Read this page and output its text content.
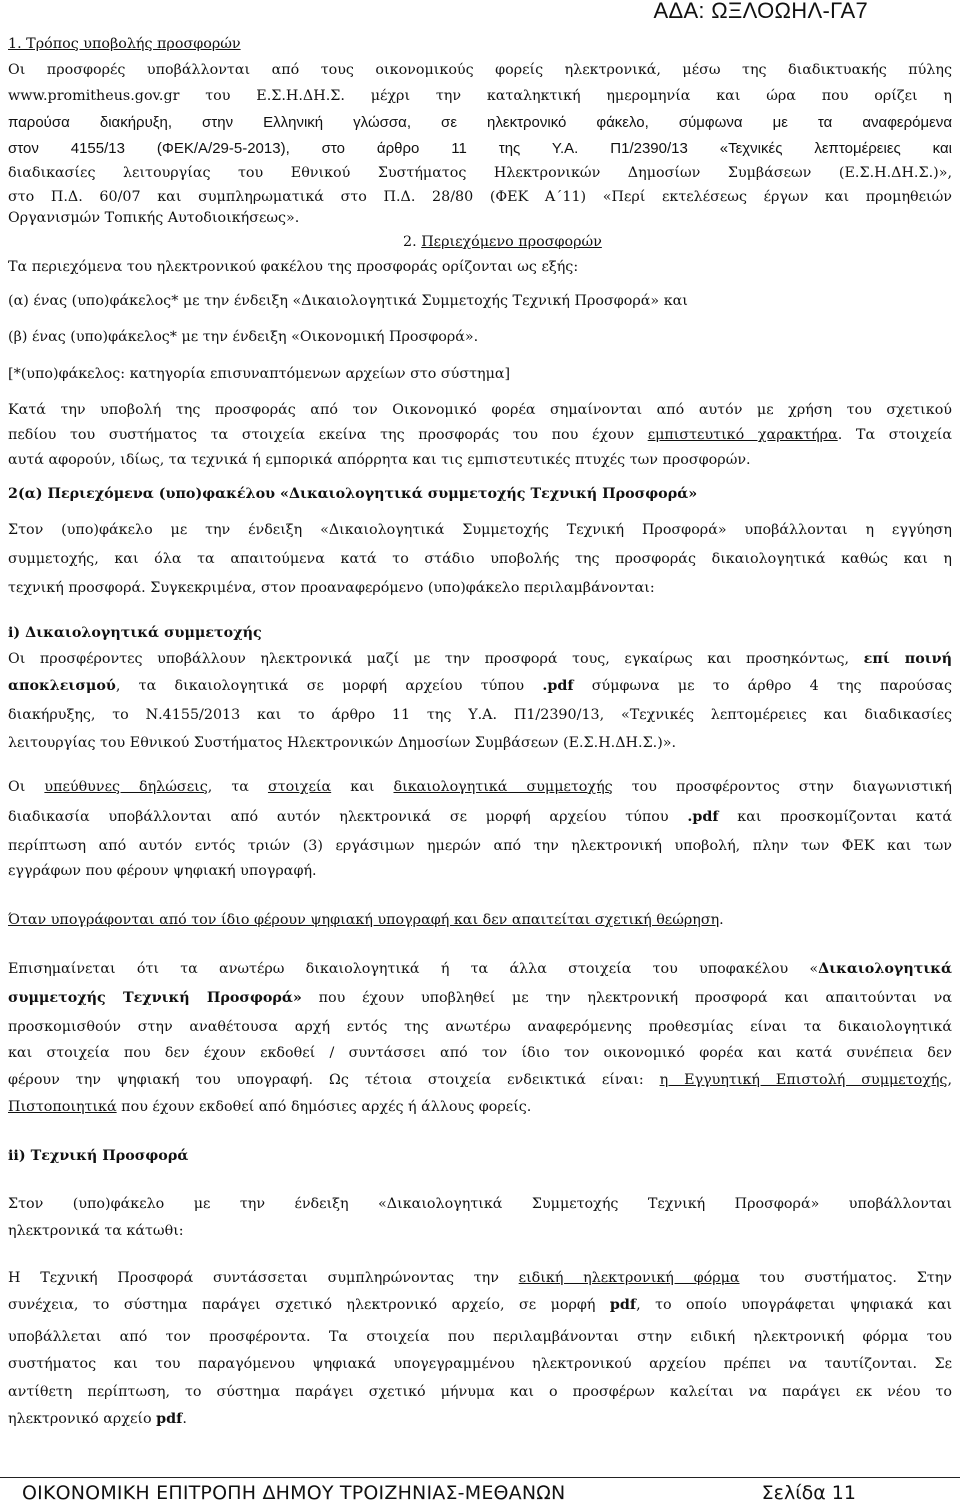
ΑΔΑ: ΩΞΛΟΩΗΛ-ΓΑ7
1. Τρόπος υποβολής προσφορών
Οι προσφορές υποβάλλονται από τους οικονομικούς φορείς ηλεκτρονικά, μέσω της διαδικτυακής πύλης
www.promitheus.gov.gr του Ε.Σ.Η.ΔΗ.Σ. μέχρι την καταληκτική ημερομηνία και ώρα που ορίζει η
παρούσα διακήρυξη, στην Ελληνική γλώσσα, σε ηλεκτρονικό φάκελο, σύμφωνα με τα αναφερόμενα
στον 4155/13 (ΦΕΚ/Α/29-5-2013), στο άρθρο 11 της Υ.Α. Π1/2390/13 «Τεχνικές λεπτομέρειες και
διαδικασίες λειτουργίας του Εθνικού Συστήματος Ηλεκτρονικών Δημοσίων Συμβάσεων (Ε.Σ.Η.ΔΗ.Σ.)»,
στο Π.Δ. 60/07 και συμπληρωματικά στο Π.Δ. 28/80 (ΦΕΚ Α΄11) «Περί εκτελέσεως έργων και προμηθειών
Οργανισμών Τοπικής Αυτοδιοικήσεως».
2. Περιεχόμενο προσφορών
Τα περιεχόμενα του ηλεκτρονικού φακέλου της προσφοράς ορίζονται ως εξής:
(α) ένας (υπο)φάκελος* με την ένδειξη «Δικαιολογητικά Συμμετοχής Τεχνική Προσφορά» και
(β) ένας (υπο)φάκελος* με την ένδειξη «Οικονομική Προσφορά».
[*(υπο)φάκελος: κατηγορία επισυναπτόμενων αρχείων στο σύστημα]
Κατά την υποβολή της προσφοράς από τον Οικονομικό φορέα σημαίνονται από αυτόν με χρήση του σχετικού
πεδίου του συστήματος τα στοιχεία εκείνα της προσφοράς του που έχουν εμπιστευτικό χαρακτήρα. Τα στοιχεία
αυτά αφορούν, ιδίως, τα τεχνικά ή εμπορικά απόρρητα και τις εμπιστευτικές πτυχές των προσφορών.
2(α) Περιεχόμενα (υπο)φακέλου «Δικαιολογητικά συμμετοχής Τεχνική Προσφορά»
Στον (υπο)φάκελο με την ένδειξη «Δικαιολογητικά Συμμετοχής Τεχνική Προσφορά» υποβάλλονται η εγγύηση
συμμετοχής, και όλα τα απαιτούμενα κατά το στάδιο υποβολής της προσφοράς δικαιολογητικά καθώς και η
τεχνική προσφορά. Συγκεκριμένα, στον προαναφερόμενο (υπο)φάκελο περιλαμβάνονται:
i) Δικαιολογητικά συμμετοχής
Οι προσφέροντες υποβάλλουν ηλεκτρονικά μαζί με την προσφορά τους, εγκαίρως και προσηκόντως, επί ποινή
αποκλεισμού, τα δικαιολογητικά σε μορφή αρχείου τύπου .pdf σύμφωνα με το άρθρο 4 της παρούσας
διακήρυξης, το Ν.4155/2013 και το άρθρο 11 της Υ.Α. Π1/2390/13, «Τεχνικές λεπτομέρειες και διαδικασίες
λειτουργίας του Εθνικού Συστήματος Ηλεκτρονικών Δημοσίων Συμβάσεων (Ε.Σ.Η.ΔΗ.Σ.)».
Οι υπεύθυνες δηλώσεις, τα στοιχεία και δικαιολογητικά συμμετοχής του προσφέροντος στην διαγωνιστική
διαδικασία υποβάλλονται από αυτόν ηλεκτρονικά σε μορφή αρχείου τύπου .pdf και προσκομίζονται κατά
περίπτωση από αυτόν εντός τριών (3) εργάσιμων ημερών από την ηλεκτρονική υποβολή, πλην των ΦΕΚ και των
εγγράφων που φέρουν ψηφιακή υπογραφή.
Όταν υπογράφονται από τον ίδιο φέρουν ψηφιακή υπογραφή και δεν απαιτείται σχετική θεώρηση.
Επισημαίνεται ότι τα ανωτέρω δικαιολογητικά ή τα άλλα στοιχεία του υποφακέλου «Δικαιολογητικά
συμμετοχής Τεχνική Προσφορά» που έχουν υποβληθεί με την ηλεκτρονική προσφορά και απαιτούνται να
προσκομισθούν στην αναθέτουσα αρχή εντός της ανωτέρω αναφερόμενης προθεσμίας είναι τα δικαιολογητικά
και στοιχεία που δεν έχουν εκδοθεί / συντάσσει από τον ίδιο τον οικονομικό φορέα και κατά συνέπεια δεν
φέρουν την ψηφιακή του υπογραφή. Ως τέτοια στοιχεία ενδεικτικά είναι: η Εγγυητική Επιστολή συμμετοχής,
Πιστοποιητικά που έχουν εκδοθεί από δημόσιες αρχές ή άλλους φορείς.
ii) Τεχνική Προσφορά
Στον (υπο)φάκελο με την ένδειξη «Δικαιολογητικά Συμμετοχής Τεχνική Προσφορά» υποβάλλονται
ηλεκτρονικά τα κάτωθι:
Η Τεχνική Προσφορά συντάσσεται συμπληρώνοντας την ειδική ηλεκτρονική φόρμα του συστήματος. Στην
συνέχεια, το σύστημα παράγει σχετικό ηλεκτρονικό αρχείο, σε μορφή pdf, το οποίο υπογράφεται ψηφιακά και
υποβάλλεται από τον προσφέροντα. Τα στοιχεία που περιλαμβάνονται στην ειδική ηλεκτρονική φόρμα του
συστήματος και του παραγόμενου ψηφιακά υπογεγραμμένου ηλεκτρονικού αρχείου πρέπει να ταυτίζονται. Σε
αντίθετη περίπτωση, το σύστημα παράγει σχετικό μήνυμα και ο προσφέρων καλείται να παράγει εκ νέου το
ηλεκτρονικό αρχείο pdf.
ΟΙΚΟΝΟΜΙΚΗ ΕΠΙΤΡΟΠΗ ΔΗΜΟΥ ΤΡΟΙΖΗΝΙΑΣ-ΜΕΘΑΝΩΝ	Σελίδα 11
